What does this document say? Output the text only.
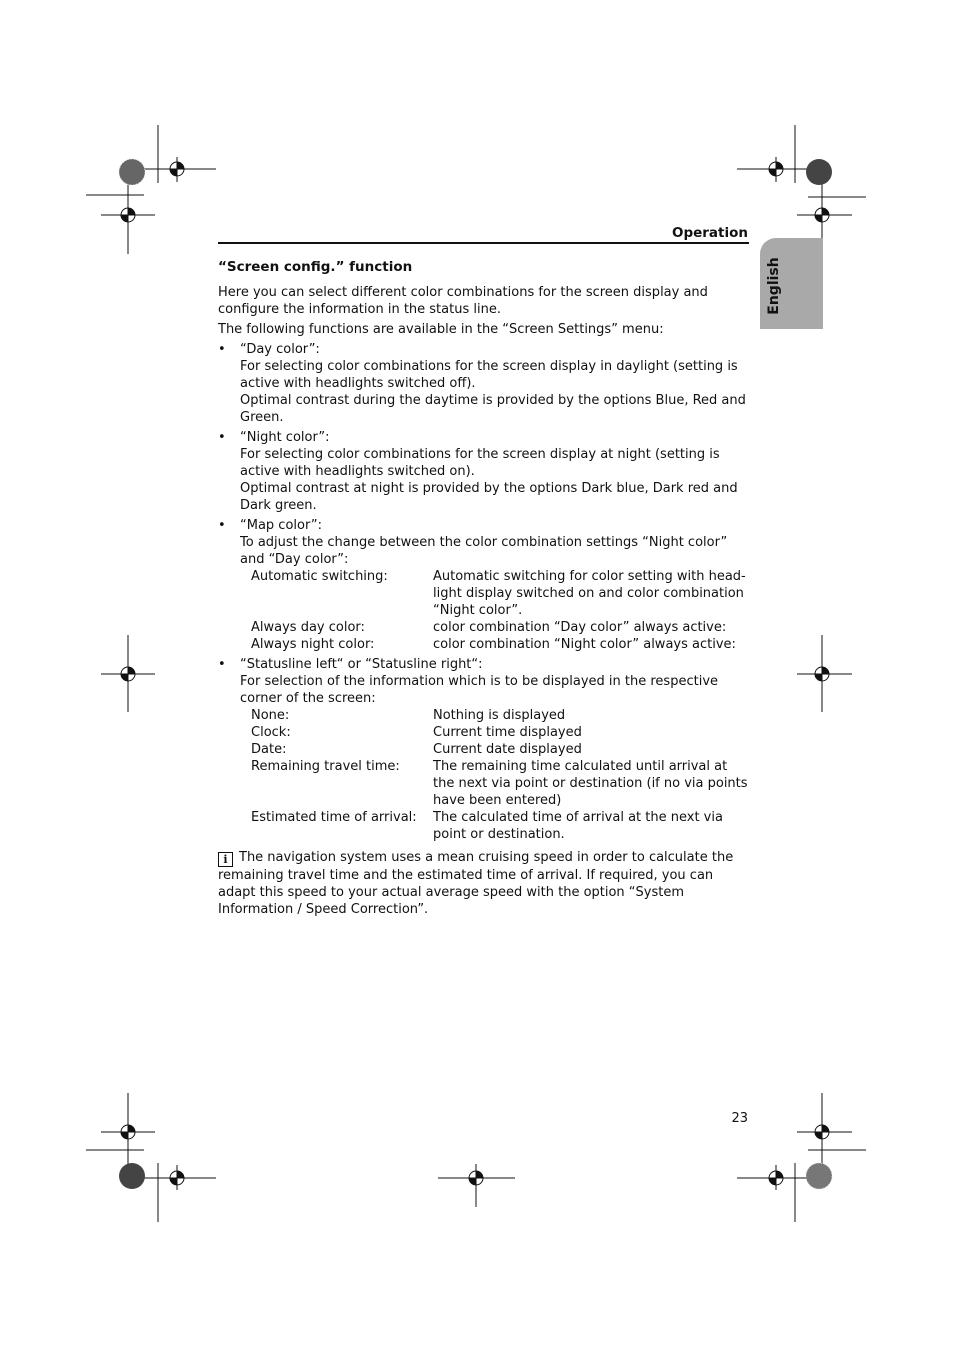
Operation
English
“Screen config.” function

Here you can select different color combinations for the screen display and configure the information in the status line.

The following functions are available in the “Screen Settings” menu:

• “Day color”:
For selecting color combinations for the screen display in daylight (setting is active with headlights switched off).
Optimal contrast during the daytime is provided by the options Blue, Red and Green.
• “Night color”:
For selecting color combinations for the screen display at night (setting is active with headlights switched on).
Optimal contrast at night is provided by the options Dark blue, Dark red and Dark green.
• “Map color”:
To adjust the change between the color combination settings “Night color” and “Day color”:
Automatic switching:	Automatic switching for color setting with head-light display switched on and color combination “Night color”.
Always day color:	color combination “Day color” always active:
Always night color:	color combination “Night color” always active:
• “Statusline left“ or “Statusline right“:
For selection of the information which is to be displayed in the respective corner of the screen:
None:	Nothing is displayed
Clock:	Current time displayed
Date:	Current date displayed
Remaining travel time:	The remaining time calculated until arrival at the next via point or destination (if no via points have been entered)
Estimated time of arrival:	The calculated time of arrival at the next via point or destination.
i The navigation system uses a mean cruising speed in order to calculate the remaining travel time and the estimated time of arrival. If required, you can adapt this speed to your actual average speed with the option “System Information / Speed Correction”.
23
